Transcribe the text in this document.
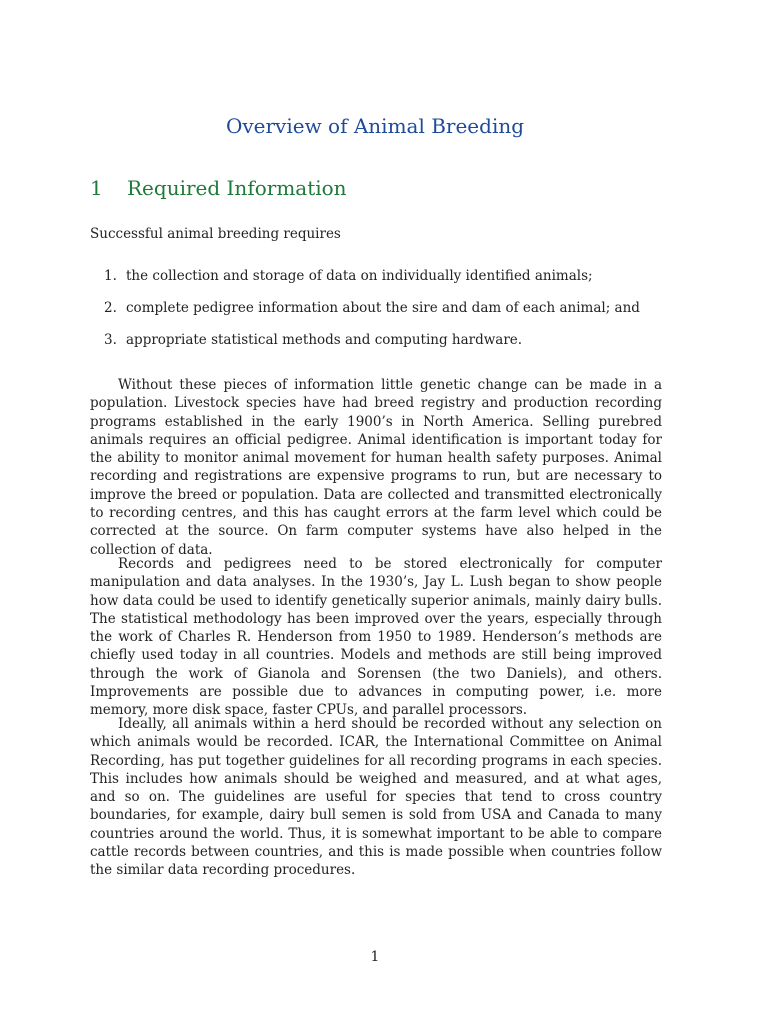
Overview of Animal Breeding
1 Required Information
Successful animal breeding requires
1. the collection and storage of data on individually identified animals;
2. complete pedigree information about the sire and dam of each animal; and
3. appropriate statistical methods and computing hardware.

Without these pieces of information little genetic change can be made in a population. Livestock species have had breed registry and production recording programs established in the early 1900’s in North America. Selling purebred animals requires an official pedigree. Animal identification is important today for the ability to monitor animal movement for human health safety purposes. Animal recording and registrations are expensive programs to run, but are necessary to improve the breed or population. Data are collected and transmitted electronically to recording centres, and this has caught errors at the farm level which could be corrected at the source. On farm computer systems have also helped in the collection of data.

Records and pedigrees need to be stored electronically for computer manipulation and data analyses. In the 1930’s, Jay L. Lush began to show people how data could be used to identify genetically superior animals, mainly dairy bulls. The statistical methodology has been improved over the years, especially through the work of Charles R. Henderson from 1950 to 1989. Henderson’s methods are chiefly used today in all countries. Models and methods are still being improved through the work of Gianola and Sorensen (the two Daniels), and others. Improvements are possible due to advances in computing power, i.e. more memory, more disk space, faster CPUs, and parallel processors.

Ideally, all animals within a herd should be recorded without any selection on which animals would be recorded. ICAR, the International Committee on Animal Recording, has put together guidelines for all recording programs in each species. This includes how animals should be weighed and measured, and at what ages, and so on. The guidelines are useful for species that tend to cross country boundaries, for example, dairy bull semen is sold from USA and Canada to many countries around the world. Thus, it is somewhat important to be able to compare cattle records between countries, and this is made possible when countries follow the similar data recording procedures.

1
